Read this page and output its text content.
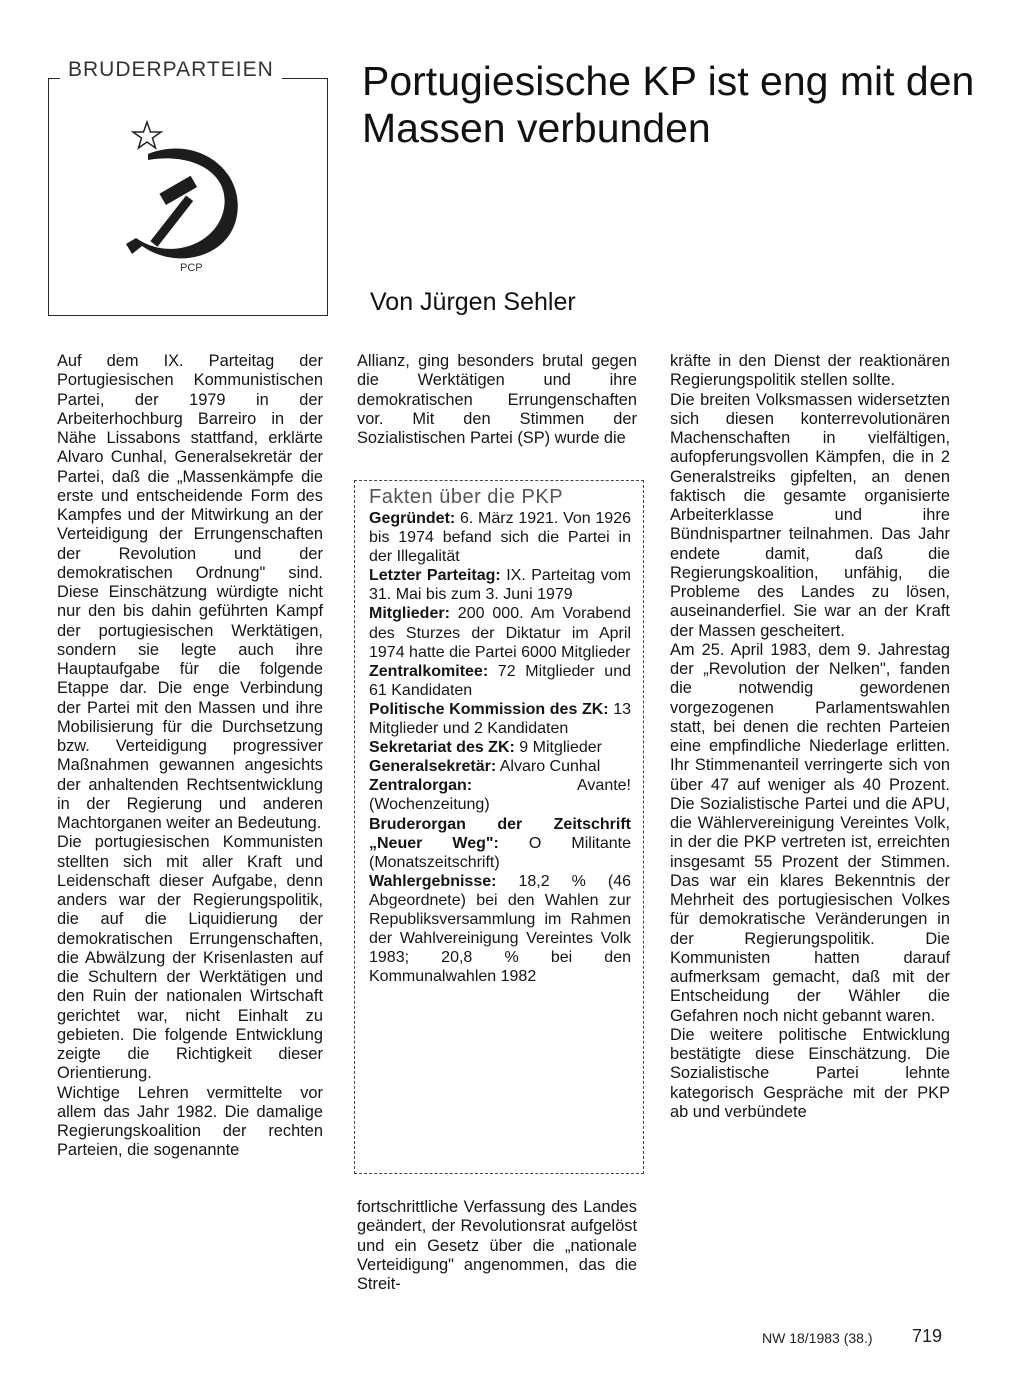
BRUDERPARTEIEN
PCP
Portugiesische KP ist eng mit den Massen verbunden
Von Jürgen Sehler

Auf dem IX. Parteitag der Portugiesischen Kommunistischen Partei, der 1979 in der Arbeiterhochburg Barreiro in der Nähe Lissabons stattfand, erklärte Alvaro Cunhal, Generalsekretär der Partei, daß die „Massenkämpfe die erste und entscheidende Form des Kampfes und der Mitwirkung an der Verteidigung der Errungenschaften der Revolution und der demokratischen Ordnung" sind. Diese Einschätzung würdigte nicht nur den bis dahin geführten Kampf der portugiesischen Werktätigen, sondern sie legte auch ihre Hauptaufgabe für die folgende Etappe dar. Die enge Verbindung der Partei mit den Massen und ihre Mobilisierung für die Durchsetzung bzw. Verteidigung progressiver Maßnahmen gewannen angesichts der anhaltenden Rechtsentwicklung in der Regierung und anderen Machtorganen weiter an Bedeutung.

Die portugiesischen Kommunisten stellten sich mit aller Kraft und Leidenschaft dieser Aufgabe, denn anders war der Regierungspolitik, die auf die Liquidierung der demokratischen Errungenschaften, die Abwälzung der Krisenlasten auf die Schultern der Werktätigen und den Ruin der nationalen Wirtschaft gerichtet war, nicht Einhalt zu gebieten. Die folgende Entwicklung zeigte die Richtigkeit dieser Orientierung.

Wichtige Lehren vermittelte vor allem das Jahr 1982. Die damalige Regierungskoalition der rechten Parteien, die sogenannte

Allianz, ging besonders brutal gegen die Werktätigen und ihre demokratischen Errungenschaften vor. Mit den Stimmen der Sozialistischen Partei (SP) wurde die

Fakten über die PKP
Gegründet: 6. März 1921. Von 1926 bis 1974 befand sich die Partei in der Illegalität
Letzter Parteitag: IX. Parteitag vom 31. Mai bis zum 3. Juni 1979
Mitglieder: 200 000. Am Vorabend des Sturzes der Diktatur im April 1974 hatte die Partei 6000 Mitglieder
Zentralkomitee: 72 Mitglieder und 61 Kandidaten
Politische Kommission des ZK: 13 Mitglieder und 2 Kandidaten
Sekretariat des ZK: 9 Mitglieder
Generalsekretär: Alvaro Cunhal
Zentralorgan: Avante! (Wochenzeitung)
Bruderorgan der Zeitschrift „Neuer Weg": O Militante (Monatszeitschrift)
Wahlergebnisse: 18,2 % (46 Abgeordnete) bei den Wahlen zur Republiksversammlung im Rahmen der Wahlvereinigung Vereintes Volk 1983; 20,8 % bei den Kommunalwahlen 1982

fortschrittliche Verfassung des Landes geändert, der Revolutionsrat aufgelöst und ein Gesetz über die „nationale Verteidigung" angenommen, das die Streit-

kräfte in den Dienst der reaktionären Regierungspolitik stellen sollte.

Die breiten Volksmassen widersetzten sich diesen konterrevolutionären Machenschaften in vielfältigen, aufopferungsvollen Kämpfen, die in 2 Generalstreiks gipfelten, an denen faktisch die gesamte organisierte Arbeiterklasse und ihre Bündnispartner teilnahmen. Das Jahr endete damit, daß die Regierungskoalition, unfähig, die Probleme des Landes zu lösen, auseinanderfiel. Sie war an der Kraft der Massen gescheitert.

Am 25. April 1983, dem 9. Jahrestag der „Revolution der Nelken", fanden die notwendig gewordenen vorgezogenen Parlamentswahlen statt, bei denen die rechten Parteien eine empfindliche Niederlage erlitten. Ihr Stimmenanteil verringerte sich von über 47 auf weniger als 40 Prozent. Die Sozialistische Partei und die APU, die Wählervereinigung Vereintes Volk, in der die PKP vertreten ist, erreichten insgesamt 55 Prozent der Stimmen. Das war ein klares Bekenntnis der Mehrheit des portugiesischen Volkes für demokratische Veränderungen in der Regierungspolitik. Die Kommunisten hatten darauf aufmerksam gemacht, daß mit der Entscheidung der Wähler die Gefahren noch nicht gebannt waren.

Die weitere politische Entwicklung bestätigte diese Einschätzung. Die Sozialistische Partei lehnte kategorisch Gespräche mit der PKP ab und verbündete

NW 18/1983 (38.) 719
